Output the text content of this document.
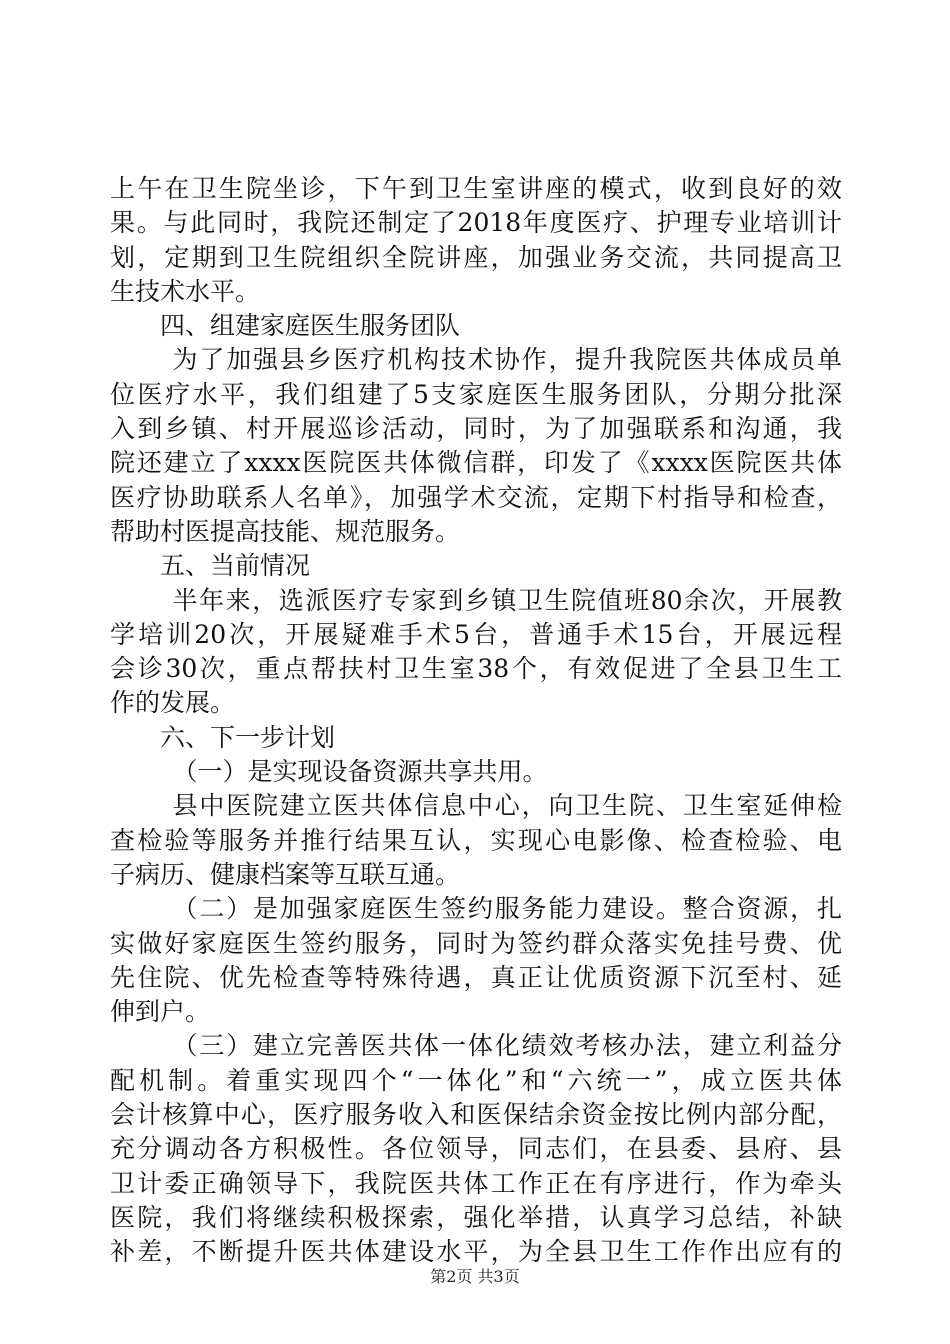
上午在卫生院坐诊，下午到卫生室讲座的模式，收到良好的效
果。与此同时，我院还制定了2018年度医疗、护理专业培训计
划，定期到卫生院组织全院讲座，加强业务交流，共同提高卫
生技术水平。
四、组建家庭医生服务团队
为了加强县乡医疗机构技术协作，提升我院医共体成员单
位医疗水平，我们组建了5支家庭医生服务团队，分期分批深
入到乡镇、村开展巡诊活动，同时，为了加强联系和沟通，我
院还建立了xxxx医院医共体微信群，印发了《xxxx医院医共体
医疗协助联系人名单》，加强学术交流，定期下村指导和检查，
帮助村医提高技能、规范服务。
五、当前情况
半年来，选派医疗专家到乡镇卫生院值班80余次，开展教
学培训20次，开展疑难手术5台，普通手术15台，开展远程
会诊30次，重点帮扶村卫生室38个，有效促进了全县卫生工
作的发展。
六、下一步计划
（一）是实现设备资源共享共用。
县中医院建立医共体信息中心，向卫生院、卫生室延伸检
查检验等服务并推行结果互认，实现心电影像、检查检验、电
子病历、健康档案等互联互通。
（二）是加强家庭医生签约服务能力建设。整合资源，扎
实做好家庭医生签约服务，同时为签约群众落实免挂号费、优
先住院、优先检查等特殊待遇，真正让优质资源下沉至村、延
伸到户。
（三）建立完善医共体一体化绩效考核办法，建立利益分
配机制。着重实现四个“一体化”和“六统一”，成立医共体
会计核算中心，医疗服务收入和医保结余资金按比例内部分配，
充分调动各方积极性。各位领导，同志们，在县委、县府、县
卫计委正确领导下，我院医共体工作正在有序进行，作为牵头
医院，我们将继续积极探索，强化举措，认真学习总结，补缺
补差，不断提升医共体建设水平，为全县卫生工作作出应有的
第2页 共3页
